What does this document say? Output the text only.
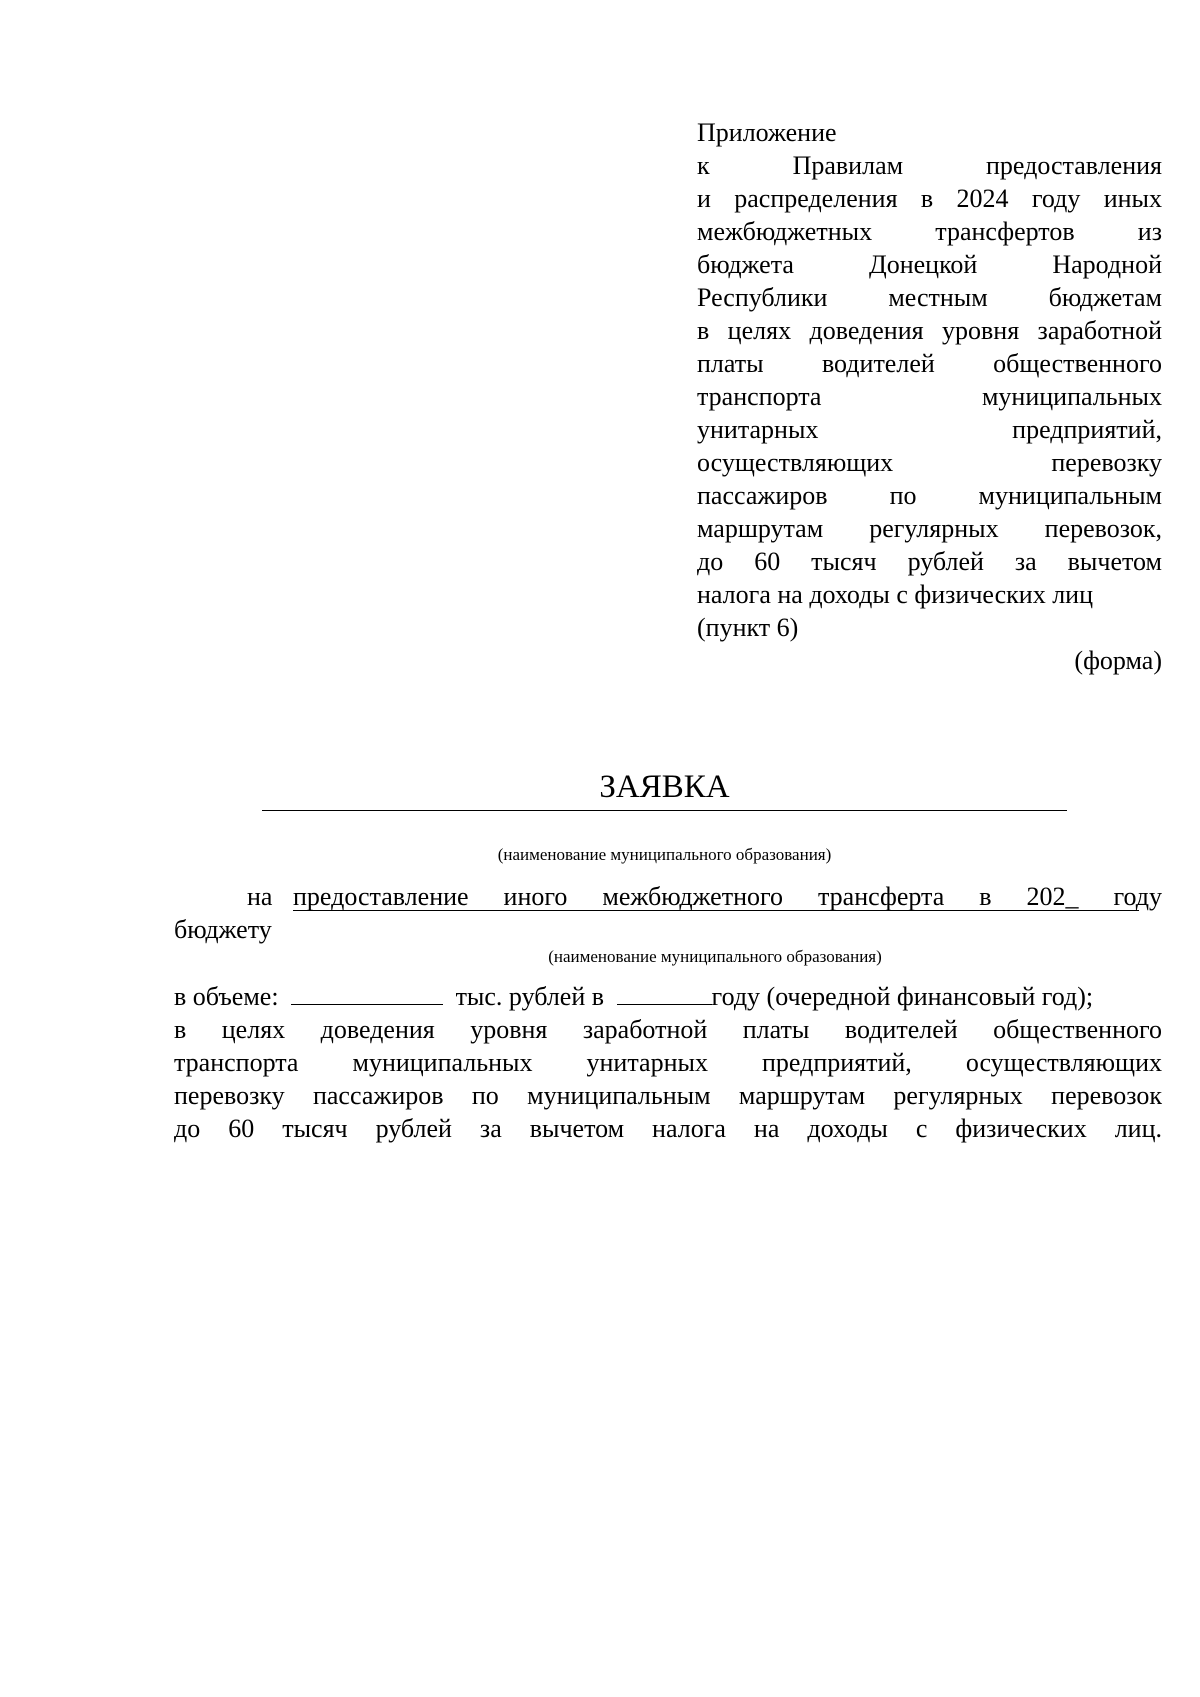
Приложение
к Правилам предоставления
и распределения в 2024 году иных
межбюджетных трансфертов из
бюджета Донецкой Народной
Республики местным бюджетам
в целях доведения уровня заработной
платы водителей общественного
транспорта муниципальных
унитарных предприятий,
осуществляющих перевозку
пассажиров по муниципальным
маршрутам регулярных перевозок,
до 60 тысяч рублей за вычетом
налога на доходы с физических лиц
(пункт 6)
(форма)
ЗАЯВКА
(наименование муниципального образования)
на предоставление иного межбюджетного трансферта в 202_ году
бюджету
(наименование муниципального образования)
в объеме:	тыс. рублей в	году (очередной финансовый год);
в целях доведения уровня заработной платы водителей общественного
транспорта муниципальных унитарных предприятий, осуществляющих
перевозку пассажиров по муниципальным маршрутам регулярных перевозок
до 60 тысяч рублей за вычетом налога на доходы с физических лиц.
